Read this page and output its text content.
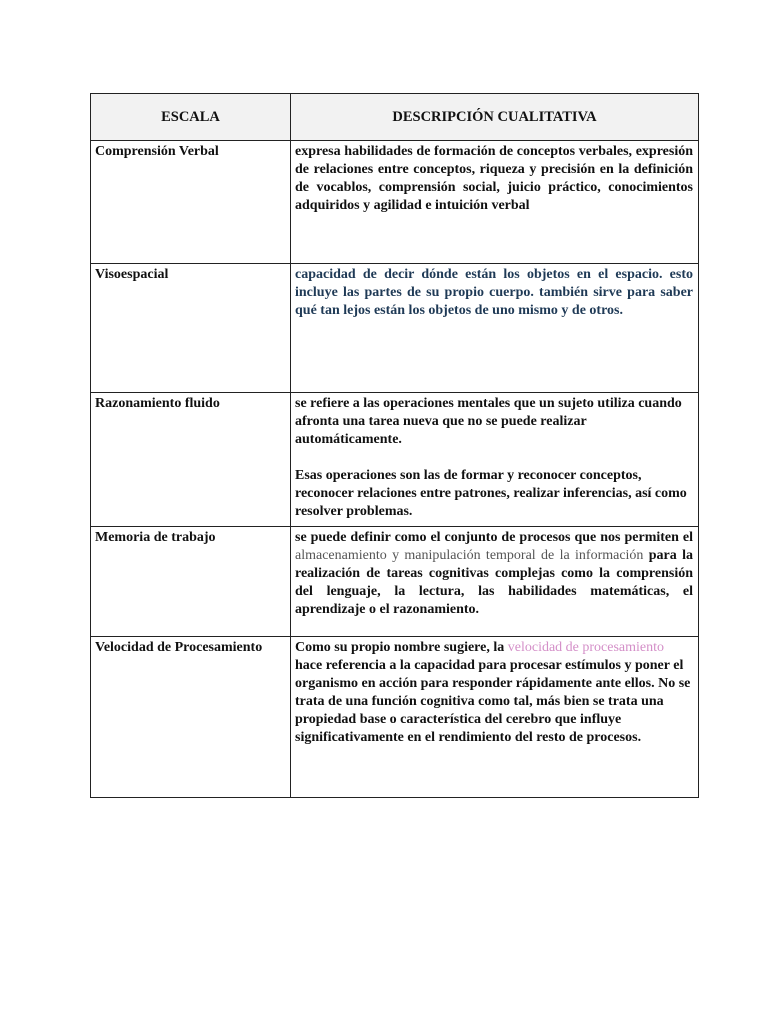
ESCALA	DESCRIPCIÓN CUALITATIVA
Comprensión Verbal	expresa habilidades de formación de conceptos verbales, expresión de relaciones entre conceptos, riqueza y precisión en la definición de vocablos, comprensión social, juicio práctico, conocimientos adquiridos y agilidad e intuición verbal

Visoespacial	capacidad de decir dónde están los objetos en el espacio. esto incluye las partes de su propio cuerpo. también sirve para saber qué tan lejos están los objetos de uno mismo y de otros.

Razonamiento fluido	se refiere a las operaciones mentales que un sujeto utiliza cuando afronta una tarea nueva que no se puede realizar automáticamente.

Esas operaciones son las de formar y reconocer conceptos, reconocer relaciones entre patrones, realizar inferencias, así como resolver problemas.

Memoria de trabajo	se puede definir como el conjunto de procesos que nos permiten el almacenamiento y manipulación temporal de la información para la realización de tareas cognitivas complejas como la comprensión del lenguaje, la lectura, las habilidades matemáticas, el aprendizaje o el razonamiento.

Velocidad de Procesamiento	Como su propio nombre sugiere, la velocidad de procesamiento hace referencia a la capacidad para procesar estímulos y poner el organismo en acción para responder rápidamente ante ellos. No se trata de una función cognitiva como tal, más bien se trata una propiedad base o característica del cerebro que influye significativamente en el rendimiento del resto de procesos.
